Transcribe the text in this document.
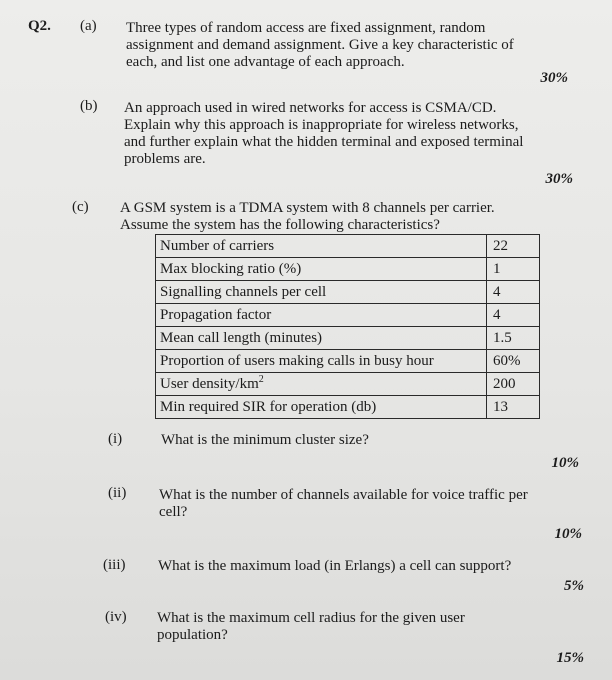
Q2. (a) Three types of random access are fixed assignment, random
assignment and demand assignment. Give a key characteristic of
each, and list one advantage of each approach.
30%
(b) An approach used in wired networks for access is CSMA/CD.
Explain why this approach is inappropriate for wireless networks,
and further explain what the hidden terminal and exposed terminal
problems are.
30%
(c) A GSM system is a TDMA system with 8 channels per carrier.
Assume the system has the following characteristics?
Number of carriers	22
Max blocking ratio (%)	1
Signalling channels per cell	4
Propagation factor	4
Mean call length (minutes)	1.5
Proportion of users making calls in busy hour	60%
User density/$km^2$	200
Min required SIR for operation (db)	13
(i)	What is the minimum cluster size?
10%
(ii) What is the number of channels available for voice traffic per
cell?
10%
(iii) What is the maximum load (in Erlangs) a cell can support?
5%
(iv) What is the maximum cell radius for the given user
population?
15%
